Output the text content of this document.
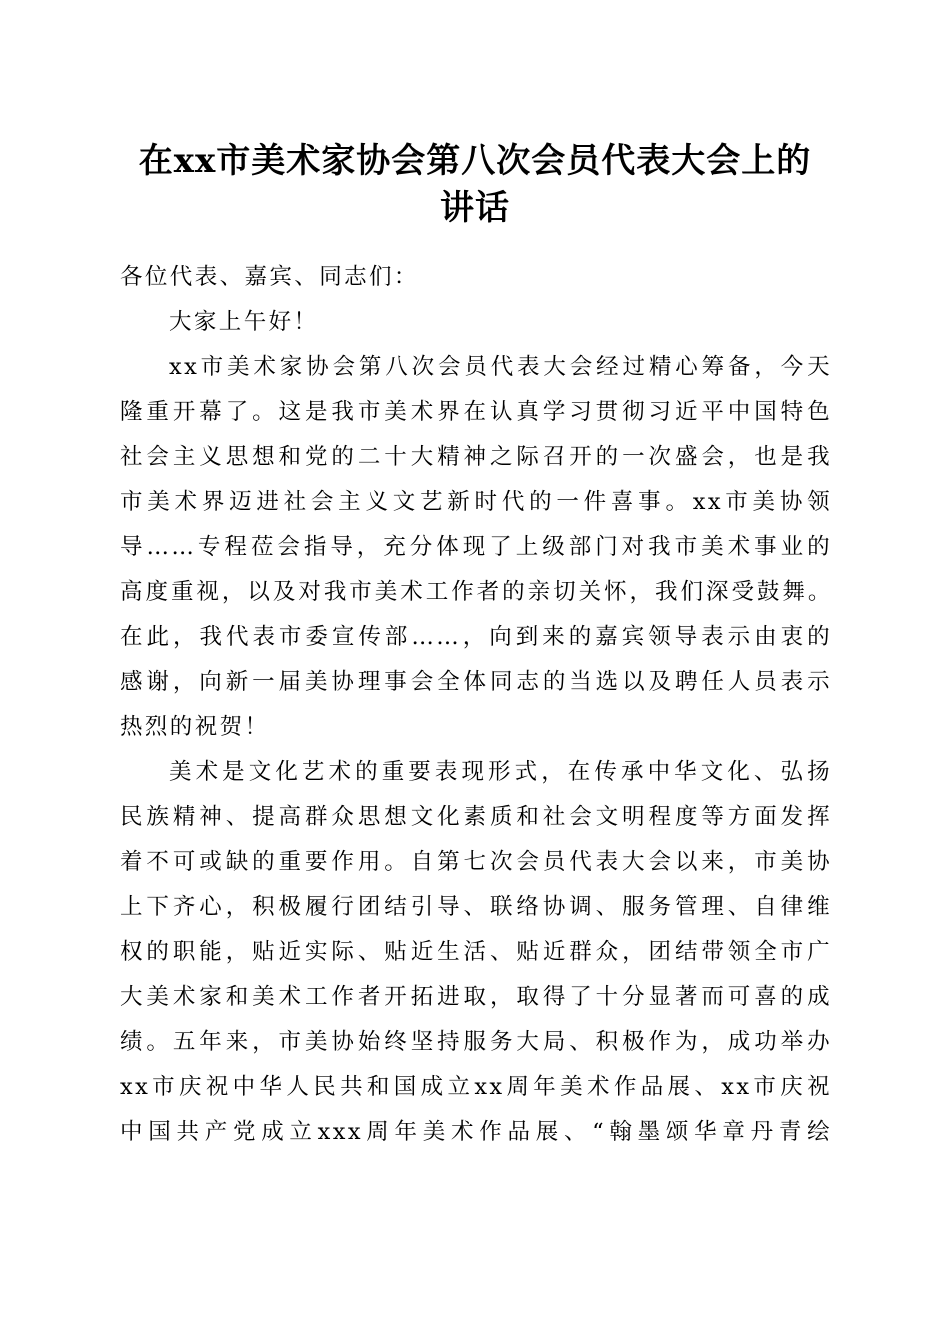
在xx市美术家协会第八次会员代表大会上的
讲话
各位代表、嘉宾、同志们：
大家上午好！
xx市美术家协会第八次会员代表大会经过精心筹备，今天
隆重开幕了。这是我市美术界在认真学习贯彻习近平中国特色
社会主义思想和党的二十大精神之际召开的一次盛会，也是我
市美术界迈进社会主义文艺新时代的一件喜事。xx市美协领
导……专程莅会指导，充分体现了上级部门对我市美术事业的
高度重视，以及对我市美术工作者的亲切关怀，我们深受鼓舞。
在此，我代表市委宣传部……，向到来的嘉宾领导表示由衷的
感谢，向新一届美协理事会全体同志的当选以及聘任人员表示
热烈的祝贺！
美术是文化艺术的重要表现形式，在传承中华文化、弘扬
民族精神、提高群众思想文化素质和社会文明程度等方面发挥
着不可或缺的重要作用。自第七次会员代表大会以来，市美协
上下齐心，积极履行团结引导、联络协调、服务管理、自律维
权的职能，贴近实际、贴近生活、贴近群众，团结带领全市广
大美术家和美术工作者开拓进取，取得了十分显著而可喜的成
绩。五年来，市美协始终坚持服务大局、积极作为，成功举办
xx市庆祝中华人民共和国成立xx周年美术作品展、xx市庆祝
中国共产党成立xxx周年美术作品展、“翰墨颂华章丹青绘
